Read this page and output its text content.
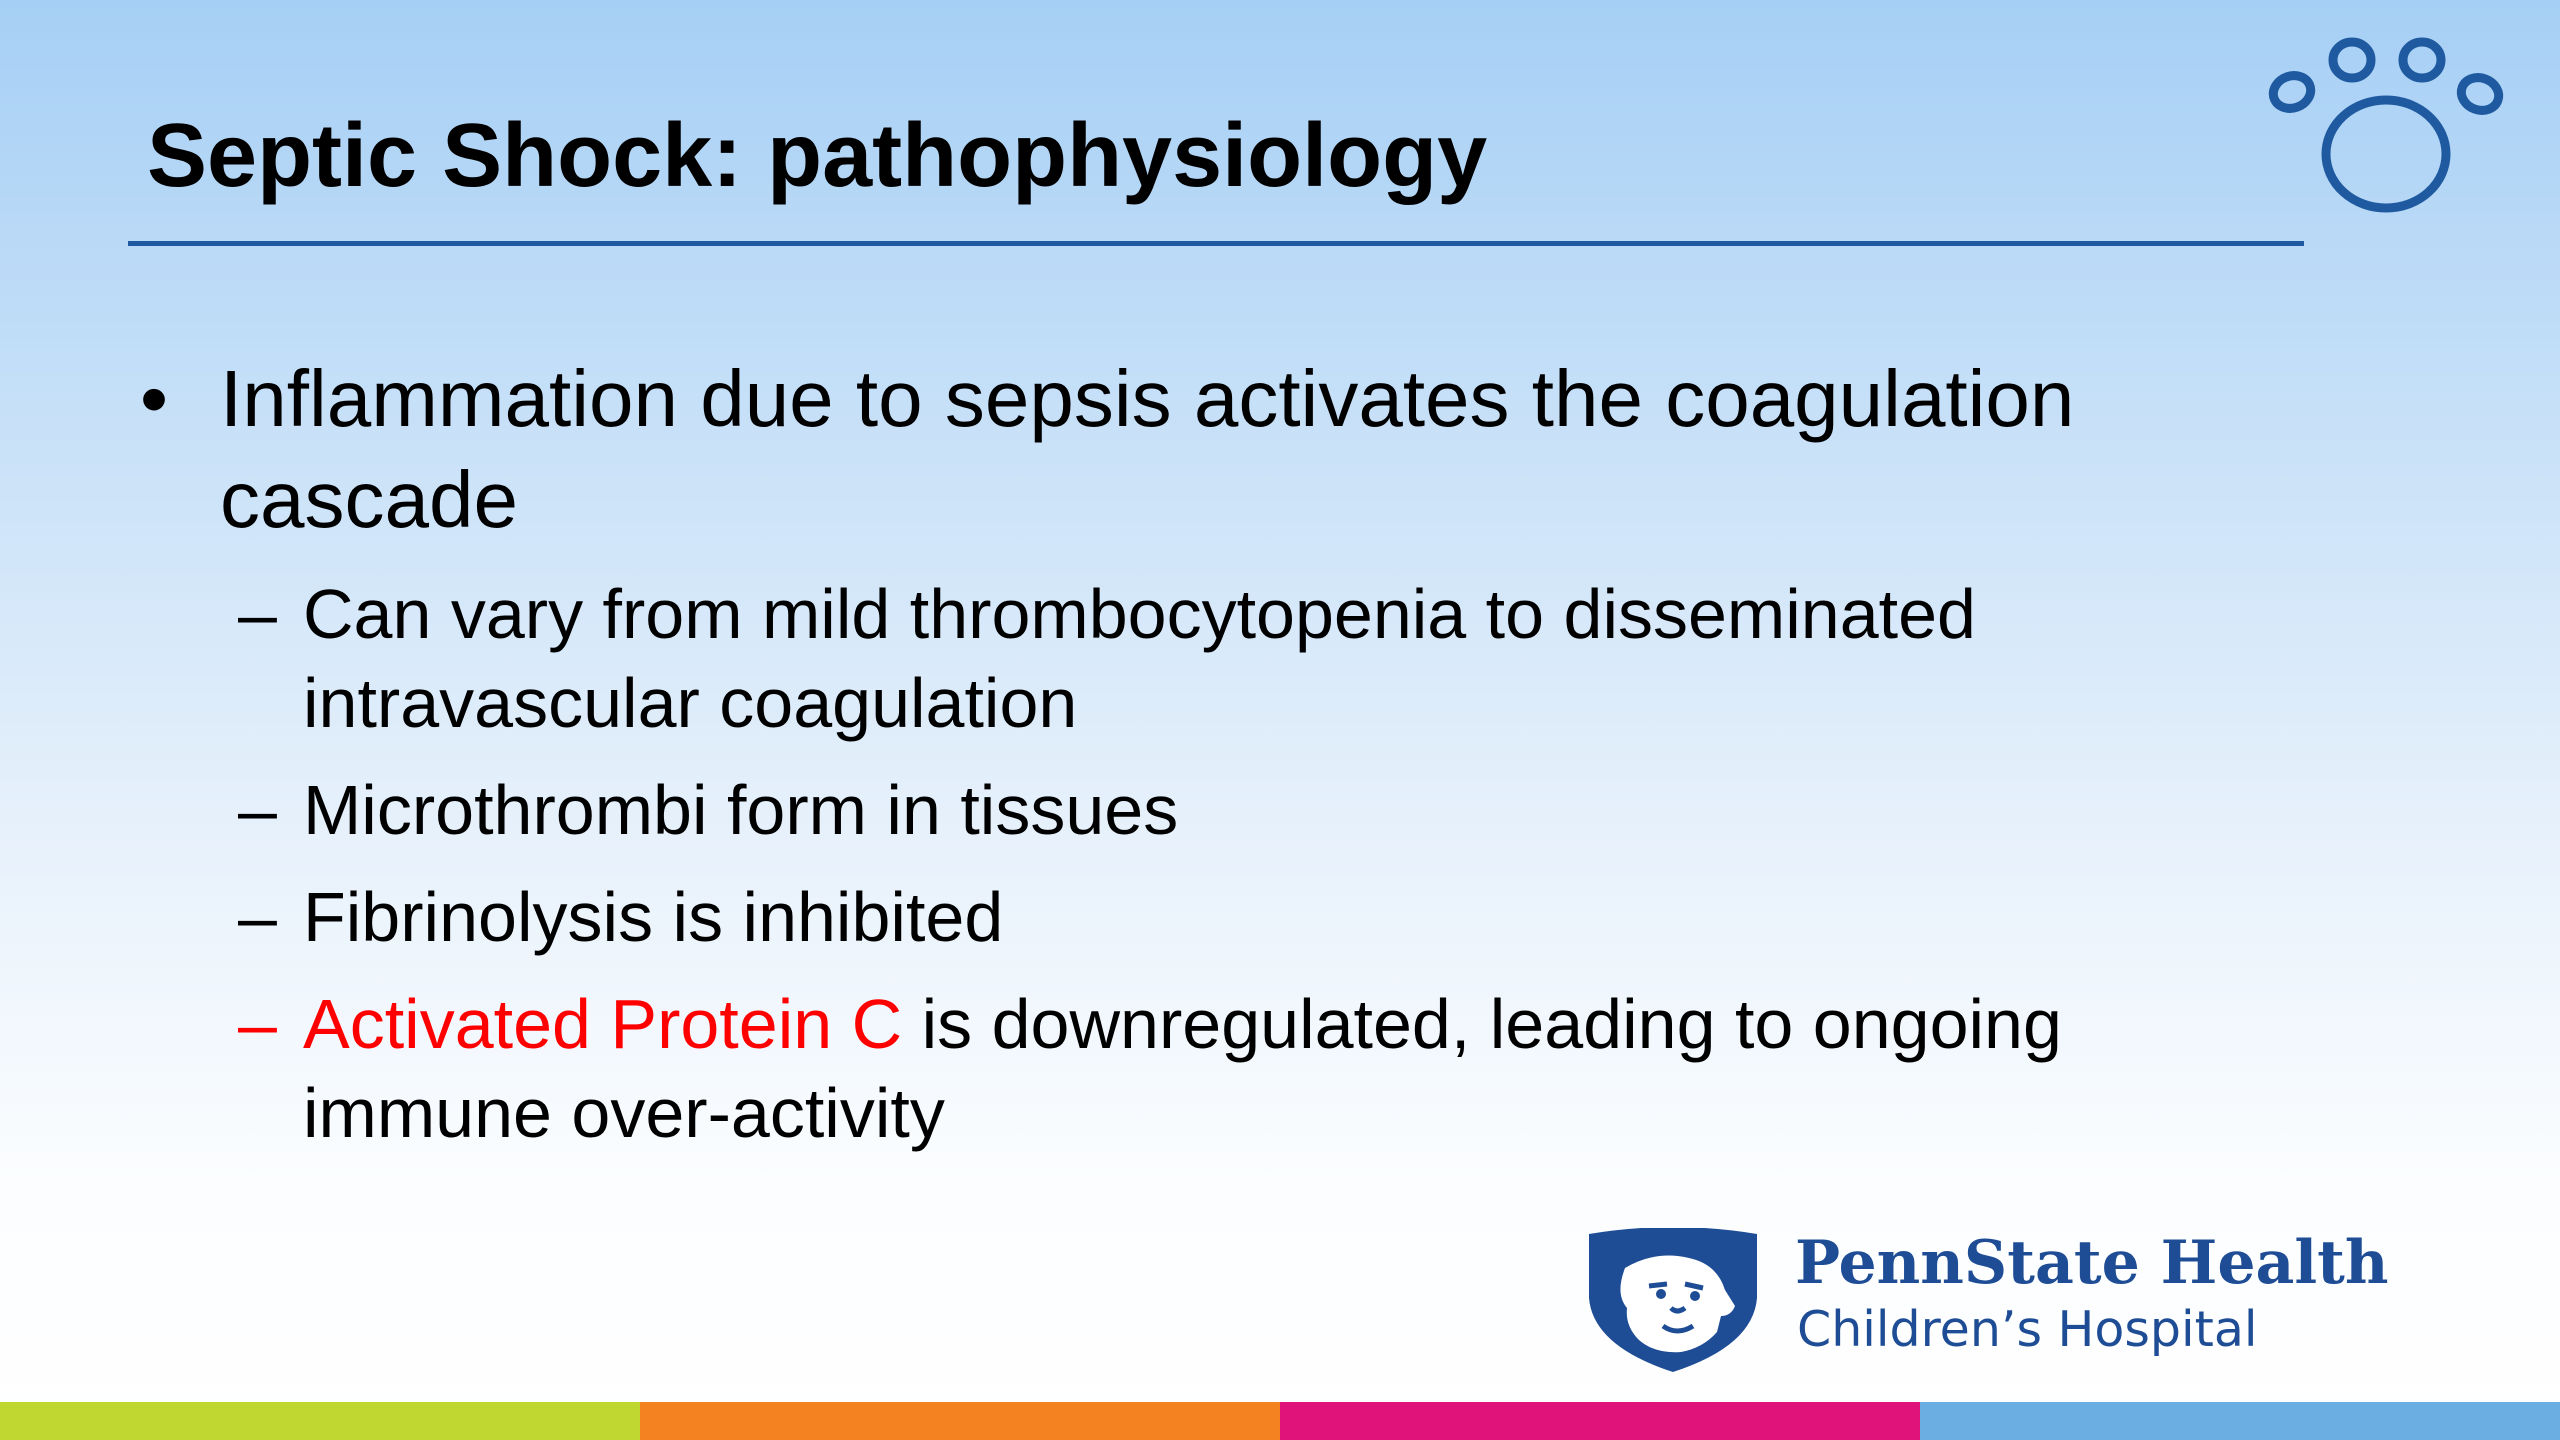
Septic Shock: pathophysiology
• Inflammation due to sepsis activates the coagulation cascade
– Can vary from mild thrombocytopenia to disseminated intravascular coagulation
– Microthrombi form in tissues
– Fibrinolysis is inhibited
– Activated Protein C is downregulated, leading to ongoing immune over-activity
PennState Health
Children’s Hospital
